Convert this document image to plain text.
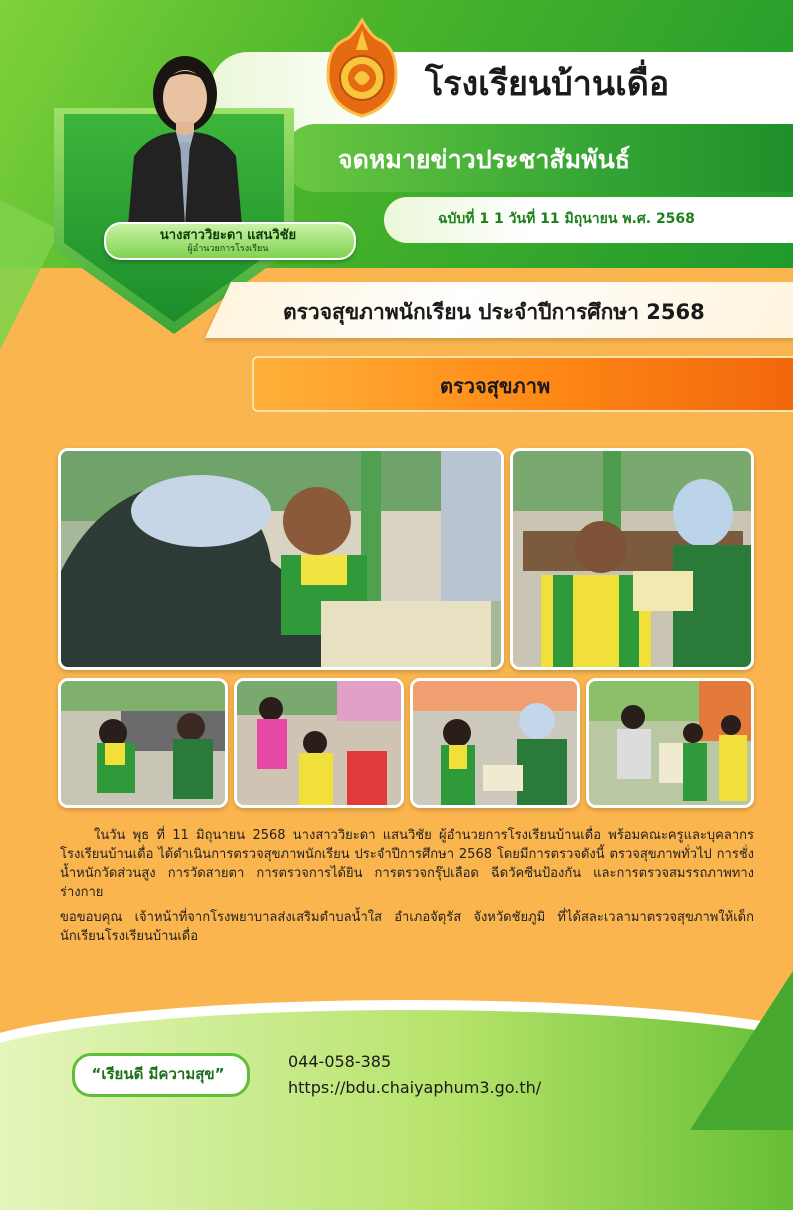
โรงเรียนบ้านเดื่อ
จดหมายข่าวประชาสัมพันธ์
ฉบับที่ 1 1 วันที่ 11 มิถุนายน พ.ศ. 2568
นางสาววิยะดา แสนวิชัย
ผู้อำนวยการโรงเรียน
ตรวจสุขภาพนักเรียน ประจำปีการศึกษา 2568
ตรวจสุขภาพ

ในวัน พุธ ที่ 11 มิถุนายน 2568 นางสาววิยะดา แสนวิชัย ผู้อำนวยการโรงเรียนบ้านเดื่อ พร้อมคณะครูและบุคลากรโรงเรียนบ้านเดื่อ ได้ดำเนินการตรวจสุขภาพนักเรียน ประจำปีการศึกษา 2568 โดยมีการตรวจดังนี้ ตรวจสุขภาพทั่วไป การชั่งน้ำหนักวัดส่วนสูง การวัดสายตา การตรวจการได้ยิน การตรวจกรุ๊ปเลือด ฉีดวัคซีนป้องกัน และการตรวจสมรรถภาพทางร่างกาย

ขอขอบคุณ เจ้าหน้าที่จากโรงพยาบาลส่งเสริมตำบลน้ำใส อำเภอจัตุรัส จังหวัดชัยภูมิ ที่ได้สละเวลามาตรวจสุขภาพให้เด็กนักเรียนโรงเรียนบ้านเดื่อ

“เรียนดี มีความสุข”
044-058-385
https://bdu.chaiyaphum3.go.th/
